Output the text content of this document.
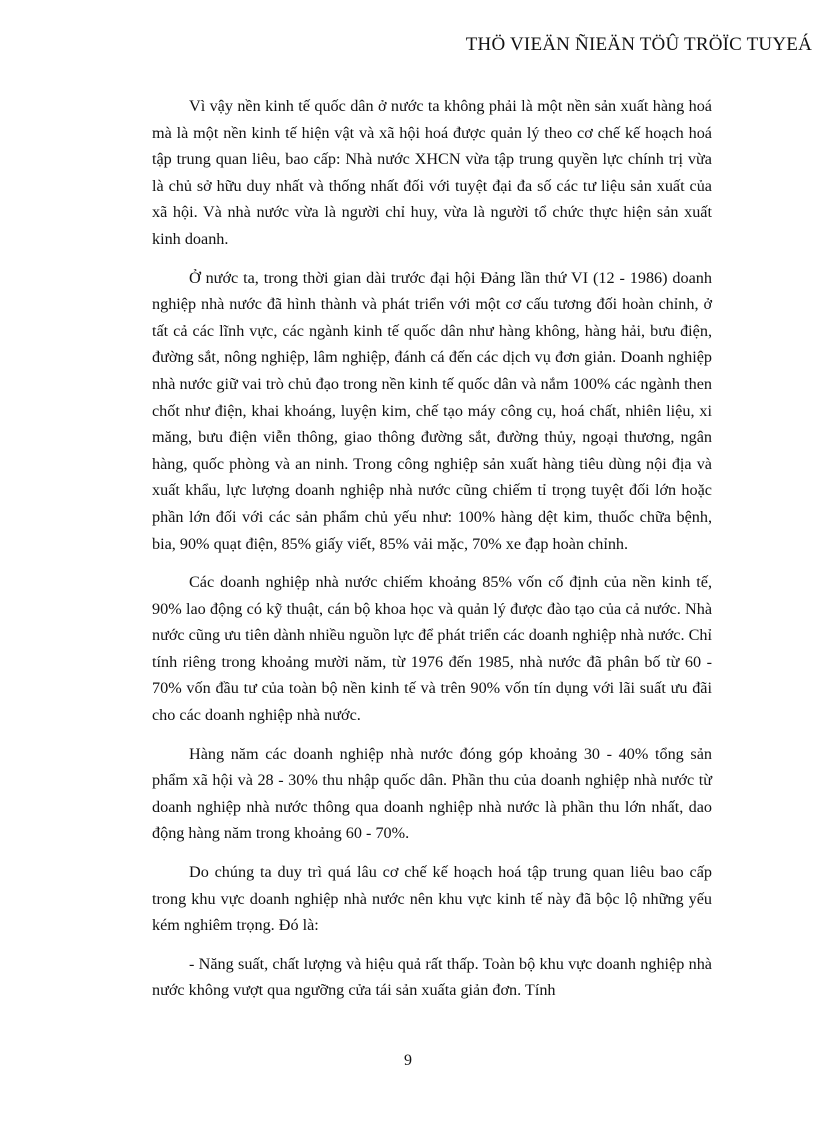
THÖ VIEÄN ÑIEÄN TÖÛ TRÖÏC TUYEÁ

Vì vậy nền kinh tế quốc dân ở nước ta không phải là một nền sản xuất hàng hoá mà là một nền kinh tế hiện vật và xã hội hoá được quản lý theo cơ chế kế hoạch hoá tập trung quan liêu, bao cấp: Nhà nước XHCN vừa tập trung quyền lực chính trị vừa là chủ sở hữu duy nhất và thống nhất đối với tuyệt đại đa số các tư liệu sản xuất của xã hội. Và nhà nước vừa là người chỉ huy, vừa là người tổ chức thực hiện sản xuất kinh doanh.

Ở nước ta, trong thời gian dài trước đại hội Đảng lần thứ VI (12 - 1986) doanh nghiệp nhà nước đã hình thành và phát triển với một cơ cấu tương đối hoàn chỉnh, ở tất cả các lĩnh vực, các ngành kinh tế quốc dân như hàng không, hàng hải, bưu điện, đường sắt, nông nghiệp, lâm nghiệp, đánh cá đến các dịch vụ đơn giản. Doanh nghiệp nhà nước giữ vai trò chủ đạo trong nền kinh tế quốc dân và nắm 100% các ngành then chốt như điện, khai khoáng, luyện kim, chế tạo máy công cụ, hoá chất, nhiên liệu, xi măng, bưu điện viễn thông, giao thông đường sắt, đường thủy, ngoại thương, ngân hàng, quốc phòng và an ninh. Trong công nghiệp sản xuất hàng tiêu dùng nội địa và xuất khẩu, lực lượng doanh nghiệp nhà nước cũng chiếm tỉ trọng tuyệt đối lớn hoặc phần lớn đối với các sản phẩm chủ yếu như: 100% hàng dệt kim, thuốc chữa bệnh, bia, 90% quạt điện, 85% giấy viết, 85% vải mặc, 70% xe đạp hoàn chỉnh.

Các doanh nghiệp nhà nước chiếm khoảng 85% vốn cố định của nền kinh tế, 90% lao động có kỹ thuật, cán bộ khoa học và quản lý được đào tạo của cả nước. Nhà nước cũng ưu tiên dành nhiều nguồn lực để phát triển các doanh nghiệp nhà nước. Chỉ tính riêng trong khoảng mười năm, từ 1976 đến 1985, nhà nước đã phân bố từ 60 - 70% vốn đầu tư của toàn bộ nền kinh tế và trên 90% vốn tín dụng với lãi suất ưu đãi cho các doanh nghiệp nhà nước.

Hàng năm các doanh nghiệp nhà nước đóng góp khoảng 30 - 40% tổng sản phẩm xã hội và 28 - 30% thu nhập quốc dân. Phần thu của doanh nghiệp nhà nước từ doanh nghiệp nhà nước thông qua doanh nghiệp nhà nước là phần thu lớn nhất, dao động hàng năm trong khoảng 60 - 70%.

Do chúng ta duy trì quá lâu cơ chế kế hoạch hoá tập trung quan liêu bao cấp trong khu vực doanh nghiệp nhà nước nên khu vực kinh tế này đã bộc lộ những yếu kém nghiêm trọng. Đó là:

- Năng suất, chất lượng và hiệu quả rất thấp. Toàn bộ khu vực doanh nghiệp nhà nước không vượt qua ngưỡng cửa tái sản xuấta giản đơn. Tính

9
